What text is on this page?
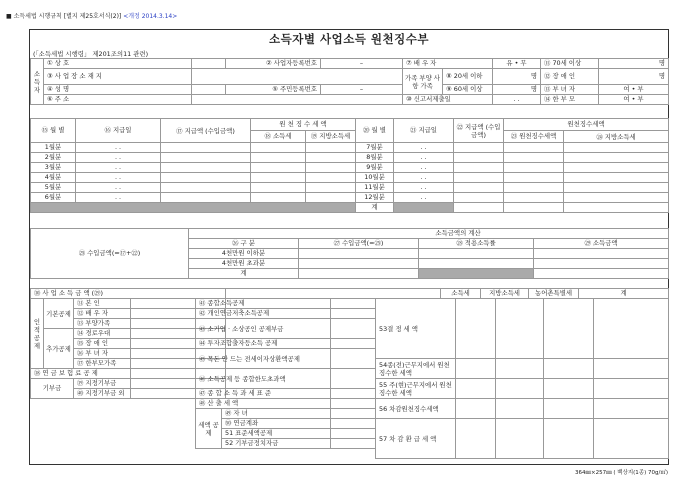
■ 소득세법 시행규칙 [별지 제25호서식(2)] <개정 2014.3.14>
소득자별 사업소득 원천징수부
(「소득세법 시행령」 제201조의11 관련)
소득자	① 상 호		② 사업자등록번호	–	⑦ 배 우 자		유 • 무	⑪ 70세 이상	명
	③ 사 업 장 소 재 지				가족 부양 사항 가족	⑧ 20세 이하	명	⑫ 장 애 인	명
	④ 성 명		⑤ 주민등록번호	–		⑨ 60세 이상	명	⑬ 부 녀 자	여 • 부
	⑥ 주 소				⑩ 신고서제출일		. .	⑭ 한 부 모	여 • 부
⑮ 월 별	⑯ 지급일	⑰ 지급액 (수입금액)	원 천 징 수 세 액		⑳ 월 별	㉑ 지급일	㉒ 지급액 (수입금액)	원천징수세액	
			⑱ 소득세	⑲ 지방소득세				㉓ 원천징수세액	㉔ 지방소득세
1월분	. .				7월분	. .			
2월분	. .				8월분	. .			
3월분	. .				9월분	. .			
4월분	. .				10월분	. .			
5월분	. .				11월분	. .			
6월분	. .				12월분	. .			
					계				
㉕ 수입금액(=⑰+㉒)	소득금액의 계산			
	㉖ 구 분	㉗ 수입금액(=㉕)	㉘ 적용소득률	㉙ 소득금액
	4천만원 이하분			
	4천만원 초과분			
	계			
㉚ 사 업 소 득 금 액 (㉙)		소득세	지방소득세	농어촌특별세	계
인적공제	기본공제	㉛ 본 인	
		㉜ 배 우 자	
		㉝ 부양가족	

	추가공제	㉞ 경로우대	
		㉟ 장 애 인	
		㊱ 부 녀 자	

		㊲ 한부모가족	
㊳ 연 금 보 험 료 공 제			
기부금		㊴ 지정기부금	
		㊵ 지정기부금 외	
㊶ 종합소득공제		
㊷ 개인연금저축소득공제		
㊸ 소기업 · 소상공인 공제부금		
㊹ 투자조합출자등소득 공제		
㊺ 목돈 안 드는 전세이자상환액공제		
㊻ 소득공제 등 종합한도초과액		
㊼ 종 합 소 득 과 세 표 준		
㊽ 산 출 세 액		
세액 공제	㊾ 자 녀	
	㊿ 연금계좌	
	51 표준세액공제	
	52 기부금정치자금	
53결 정 세 액				
54종(전)근무지에서 원천징수한 세액				
55 주(현)근무지에서 원천징수한 세액				
56 차감원천징수세액				
57 차 감 환 급 세 액				
364㎜×257㎜ ( 백상지(1종) 70g/㎡)
